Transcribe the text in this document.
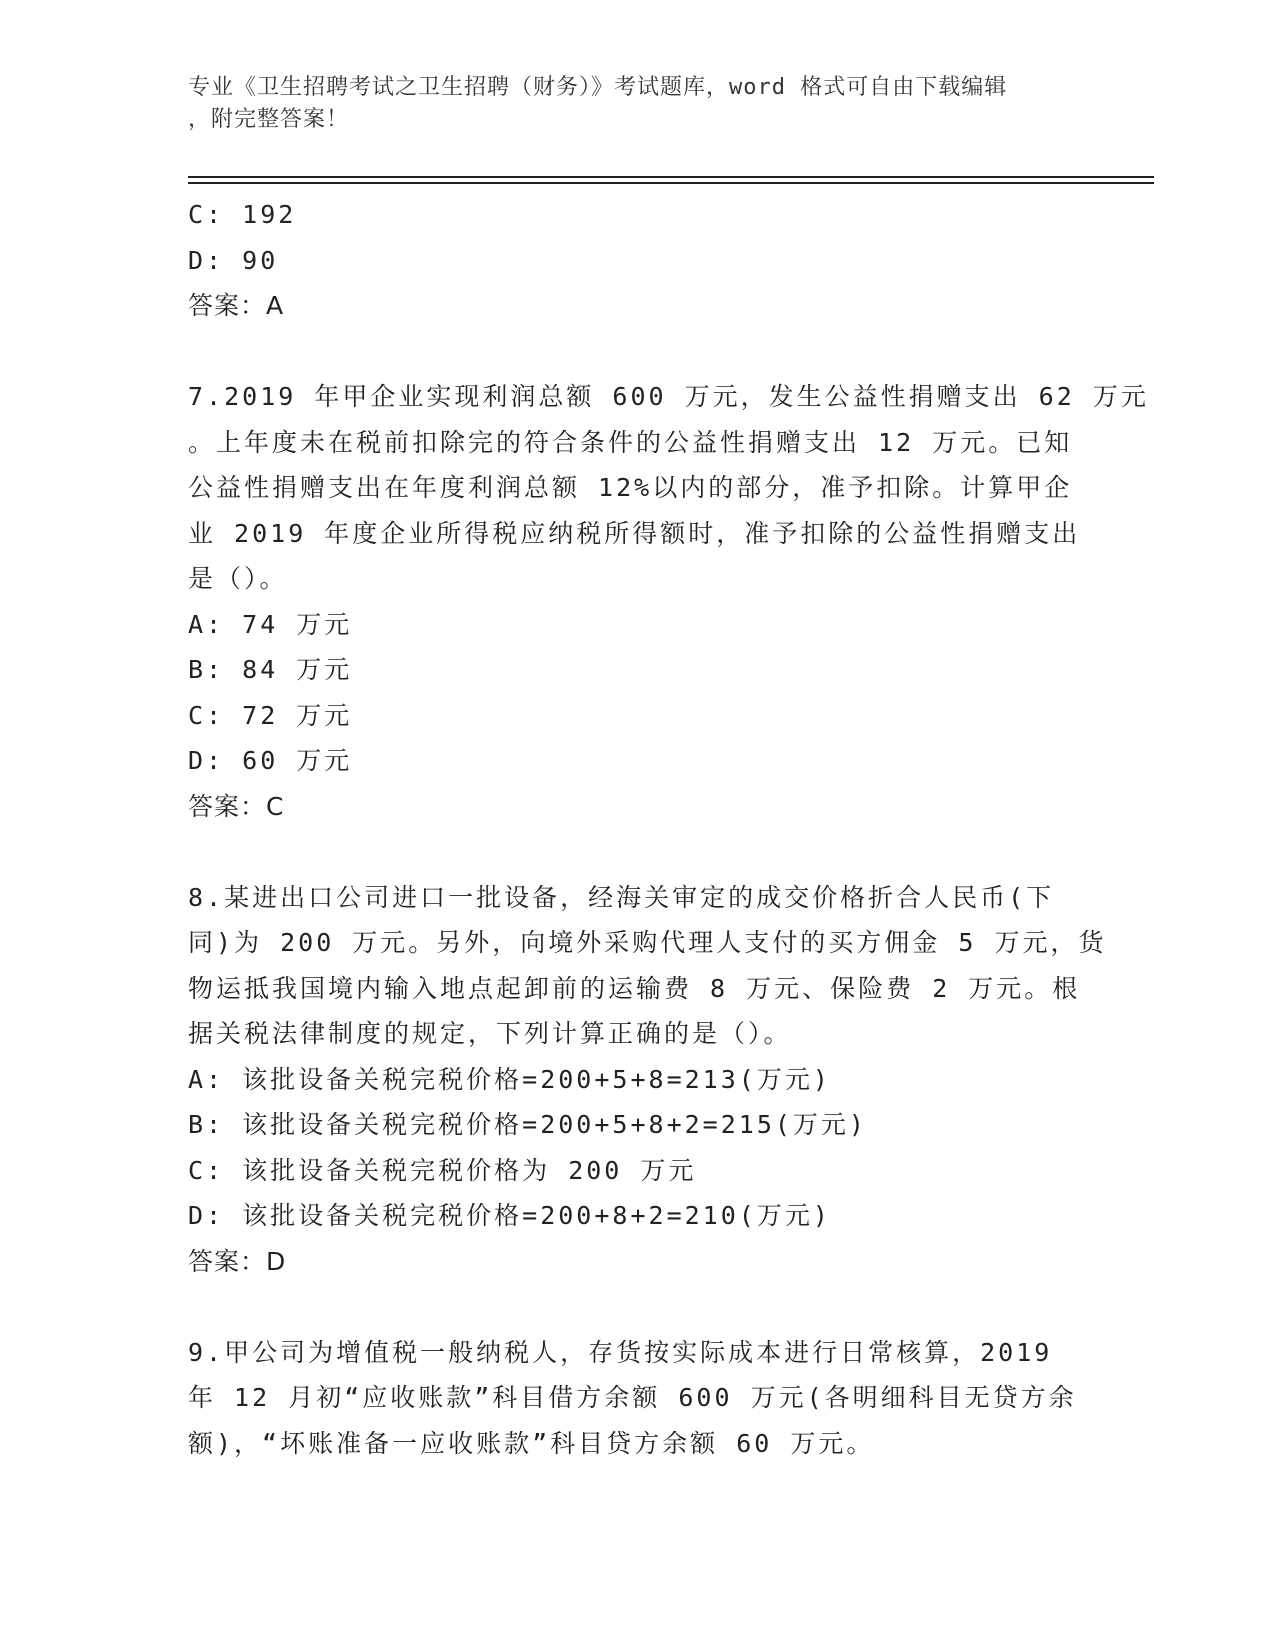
专业《卫生招聘考试之卫生招聘（财务）》考试题库，word 格式可自由下载编辑
，附完整答案！
C: 192
D: 90
答案：A
7.2019 年甲企业实现利润总额 600 万元，发生公益性捐赠支出 62 万元
。上年度未在税前扣除完的符合条件的公益性捐赠支出 12 万元。已知
公益性捐赠支出在年度利润总额 12%以内的部分，准予扣除。计算甲企
业 2019 年度企业所得税应纳税所得额时，准予扣除的公益性捐赠支出
是（）。
A: 74 万元
B: 84 万元
C: 72 万元
D: 60 万元
答案：C
8.某进出口公司进口一批设备，经海关审定的成交价格折合人民币(下
同)为 200 万元。另外，向境外采购代理人支付的买方佣金 5 万元，货
物运抵我国境内输入地点起卸前的运输费 8 万元、保险费 2 万元。根
据关税法律制度的规定，下列计算正确的是（）。
A: 该批设备关税完税价格=200+5+8=213(万元)
B: 该批设备关税完税价格=200+5+8+2=215(万元)
C: 该批设备关税完税价格为 200 万元
D: 该批设备关税完税价格=200+8+2=210(万元)
答案：D
9.甲公司为增值税一般纳税人，存货按实际成本进行日常核算，2019
年 12 月初“应收账款”科目借方余额 600 万元(各明细科目无贷方余
额)，“坏账准备一应收账款”科目贷方余额 60 万元。
